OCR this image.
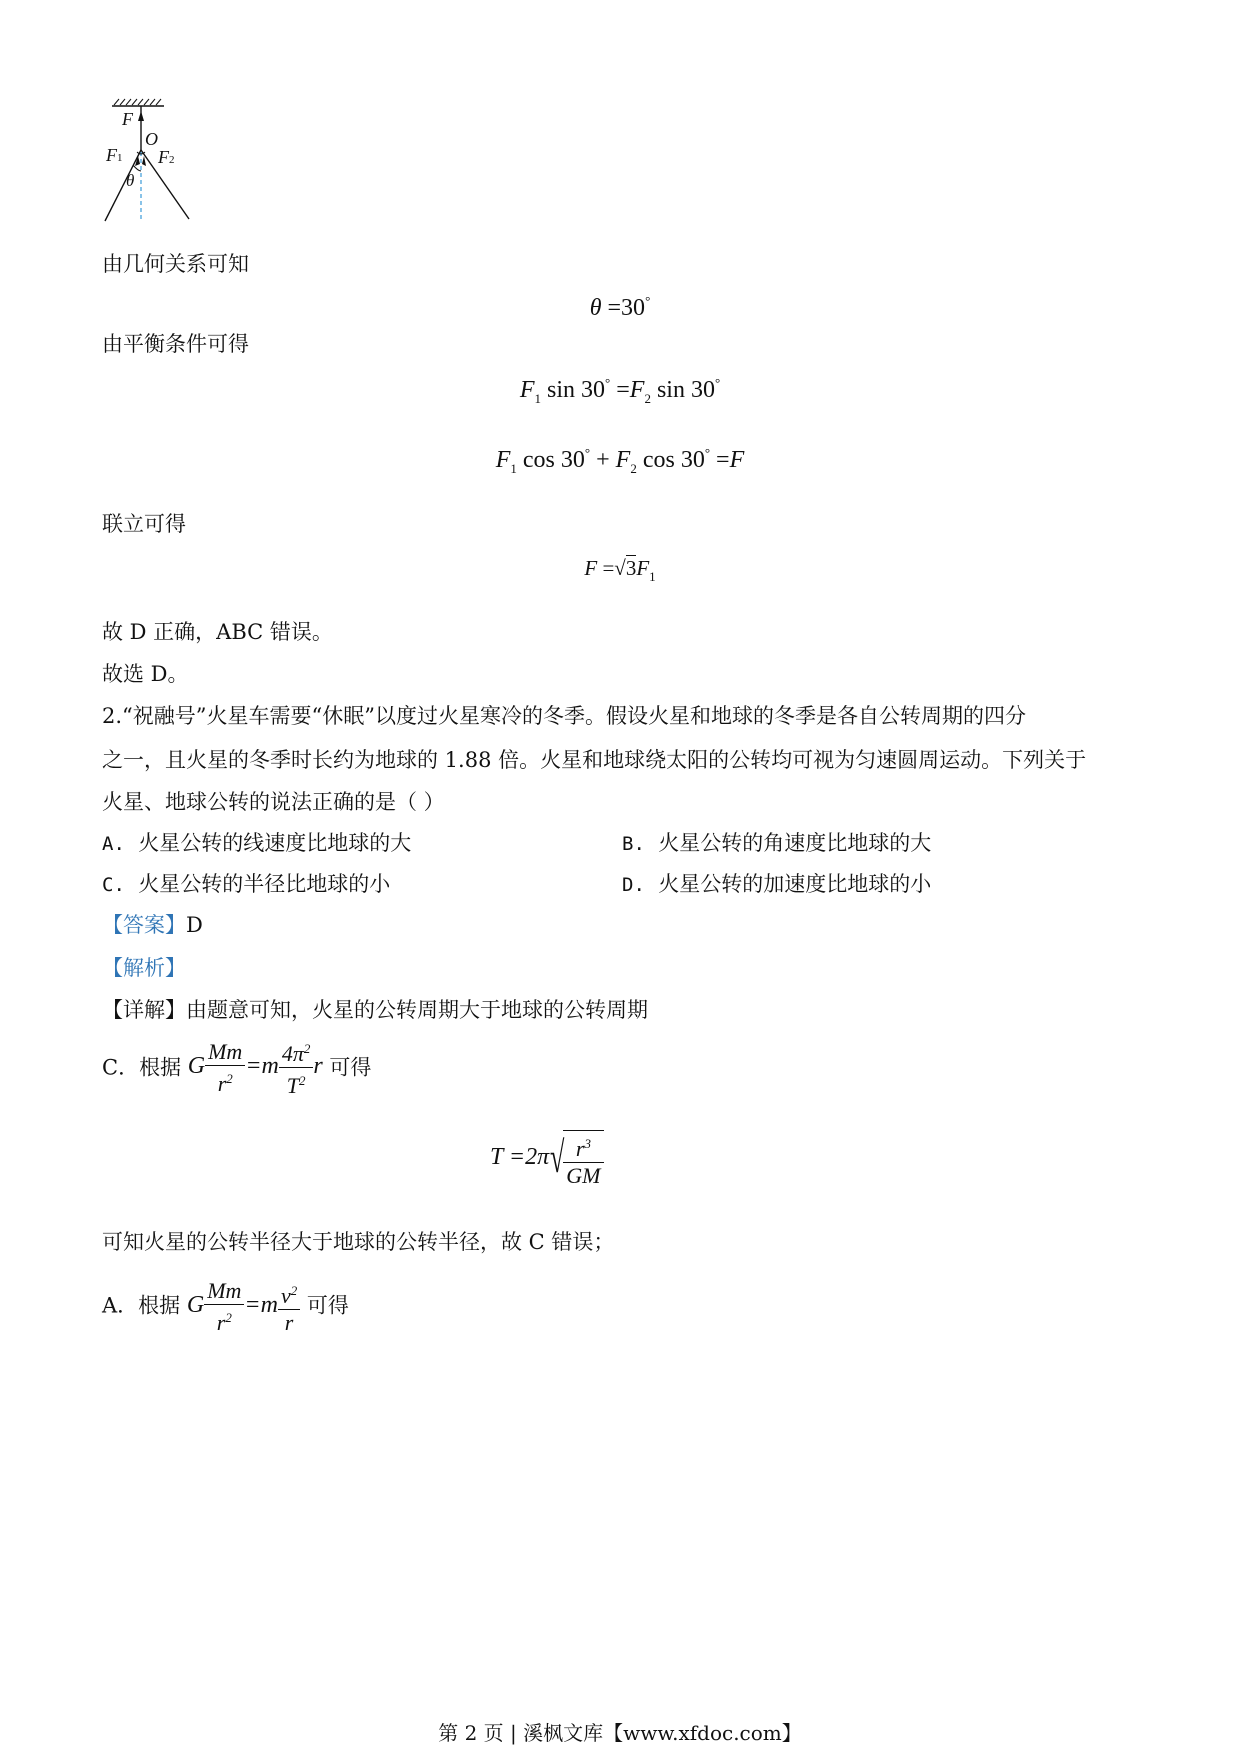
F
O
F1 F2
θ
由几何关系可知
θ =30°
由平衡条件可得
$F_1$ $\sin 30^\circ =F_2$ sin 30°
$F_1$ $\cos 30^\circ + F_2$ cos 30° =F
联立可得
$F =√3F_1$
故 D 正确，ABC 错误。
故选 D。
2.“祝融号”火星车需要“休眠”以度过火星寒冷的冬季。假设火星和地球的冬季是各自公转周期的四分
之一，且火星的冬季时长约为地球的 1.88 倍。火星和地球绕太阳的公转均可视为匀速圆周运动。下列关于
火星、地球公转的说法正确的是（ ）
A. 火星公转的线速度比地球的大	B. 火星公转的角速度比地球的大
C. 火星公转的半径比地球的小	D. 火星公转的加速度比地球的小
【答案】D
【解析】
【详解】由题意可知，火星的公转周期大于地球的公转周期
C．根据 G $\frac{Mm}{r^2} =m \frac{4\pi^2}{T^2}$ r 可得
T =2π√
$\frac{r^3}{GM}$
可知火星的公转半径大于地球的公转半径，故 C 错误；
A．根据 G $\frac{Mm}{r^2} =m \frac{v^2}{r}$ 可得
第 2 页 | 溪枫文库【www.xfdoc.com】
